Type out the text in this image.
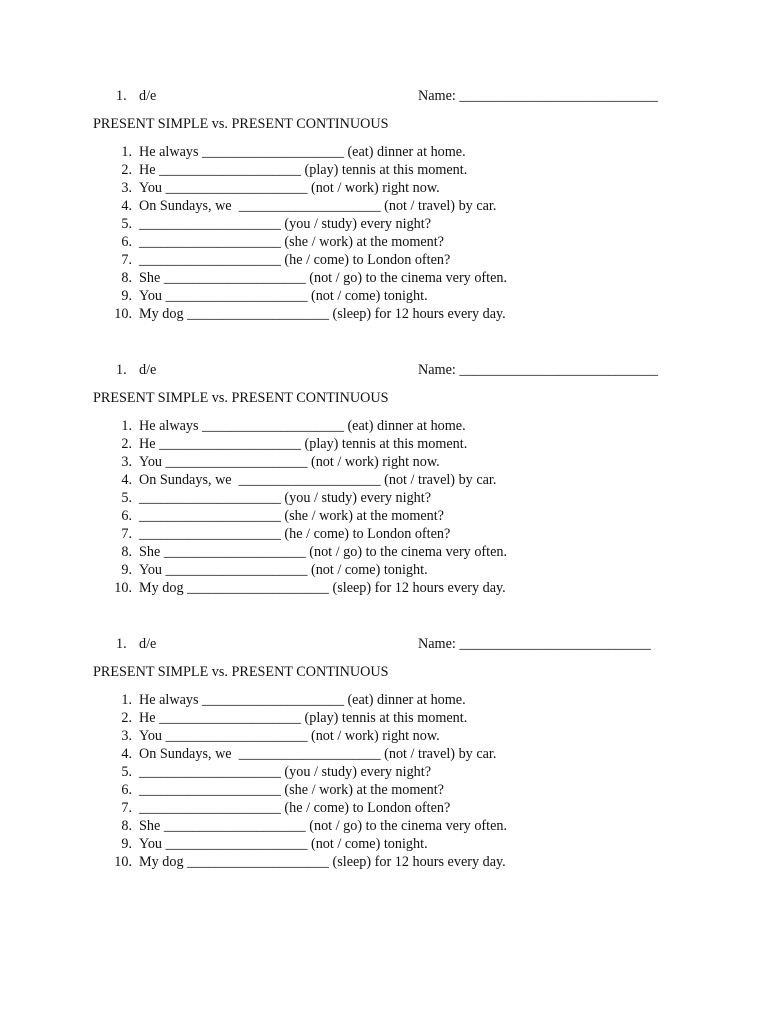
1. d/e	Name: ____________________________
PRESENT SIMPLE vs. PRESENT CONTINUOUS
1. He always ____________________ (eat) dinner at home.
2. He ____________________ (play) tennis at this moment.
3. You ____________________ (not / work) right now.
4. On Sundays, we  ____________________ (not / travel) by car.
5. ____________________ (you / study) every night?
6. ____________________ (she / work) at the moment?
7. ____________________ (he / come) to London often?
8. She ____________________ (not / go) to the cinema very often.
9. You ____________________ (not / come) tonight.
10. My dog ____________________ (sleep) for 12 hours every day.
1. d/e	Name: ____________________________
PRESENT SIMPLE vs. PRESENT CONTINUOUS
1. He always ____________________ (eat) dinner at home.
2. He ____________________ (play) tennis at this moment.
3. You ____________________ (not / work) right now.
4. On Sundays, we  ____________________ (not / travel) by car.
5. ____________________ (you / study) every night?
6. ____________________ (she / work) at the moment?
7. ____________________ (he / come) to London often?
8. She ____________________ (not / go) to the cinema very often.
9. You ____________________ (not / come) tonight.
10. My dog ____________________ (sleep) for 12 hours every day.
1. d/e	Name: ___________________________
PRESENT SIMPLE vs. PRESENT CONTINUOUS
1. He always ____________________ (eat) dinner at home.
2. He ____________________ (play) tennis at this moment.
3. You ____________________ (not / work) right now.
4. On Sundays, we  ____________________ (not / travel) by car.
5. ____________________ (you / study) every night?
6. ____________________ (she / work) at the moment?
7. ____________________ (he / come) to London often?
8. She ____________________ (not / go) to the cinema very often.
9. You ____________________ (not / come) tonight.
10. My dog ____________________ (sleep) for 12 hours every day.
